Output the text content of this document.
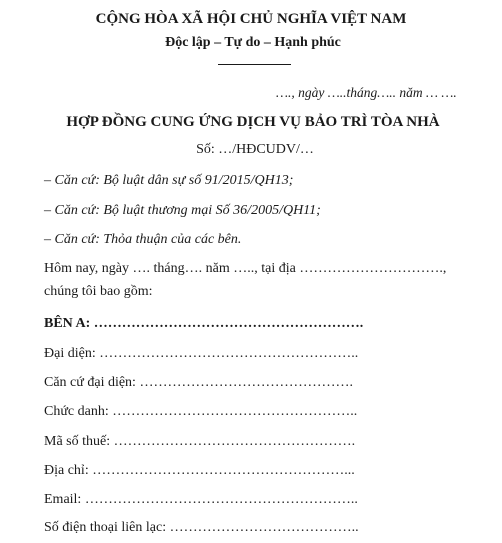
CỘNG HÒA XÃ HỘI CHỦ NGHĨA VIỆT NAM
Độc lập – Tự do – Hạnh phúc
…., ngày …..tháng….. năm … ….
HỢP ĐỒNG CUNG ỨNG DỊCH VỤ BẢO TRÌ TÒA NHÀ
Số: …/HĐCUDV/…
– Căn cứ: Bộ luật dân sự số 91/2015/QH13;
– Căn cứ: Bộ luật thương mại Số 36/2005/QH11;
– Căn cứ: Thỏa thuận của các bên.
Hôm nay, ngày …. tháng…. năm ….., tại địa ………………………….,
chúng tôi bao gồm:
BÊN A: ………………………………………………….
Đại diện: ………………………………………………..
Căn cứ đại diện: ……………………………………….
Chức danh: ……………………………………………..
Mã số thuế: …………………………………………….
Địa chỉ: ………………………………………………...
Email: …………………………………………………..
Số điện thoại liên lạc: …………………………………..
